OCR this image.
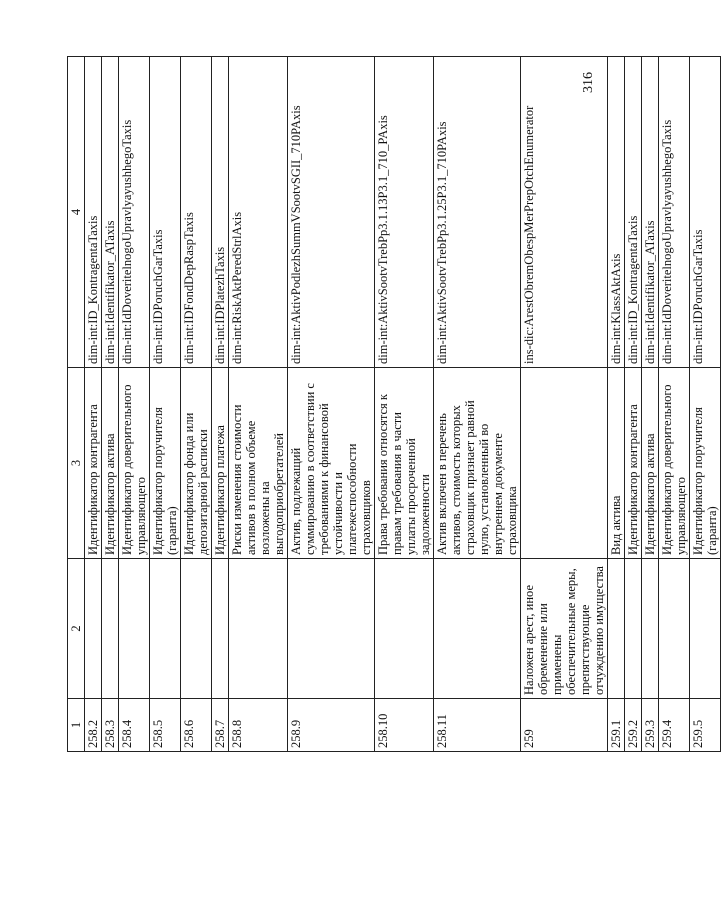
1	2	3	4
258.2		Идентификатор контрагента	dim-int:ID_KontragentaTaxis
258.3		Идентификатор актива	dim-int:Identifikator_ATaxis
258.4		Идентификатор доверительного управляющего	dim-int:IdDoveritelnogoUpravlyayushhegoTaxis
258.5		Идентификатор поручителя (гаранта)	dim-int:IDPoruchGarTaxis
258.6		Идентификатор фонда или депозитарной расписки	dim-int:IDFondDepRaspTaxis
258.7		Идентификатор платежа	dim-int:IDPlatezhTaxis
258.8		Риски изменения стоимости активов в полном объеме возложены на выгодоприобретателей	dim-int:RiskAktPeredStrlAxis
258.9		Актив, подлежащий суммированию в соответствии с требованиями к финансовой устойчивости и платежеспособности страховщиков	dim-int:AktivPodlezhSummVSootvSGII_710PAxis
258.10		Права требования относятся к правам требования в части уплаты просроченной задолженности	dim-int:AktivSootvTrebPp3.1.13P3.1_710_PAxis
258.11		Актив включен в перечень активов, стоимость которых страховщик признает равной нулю, установленный во внутреннем документе страховщика	dim-int:AktivSootvTrebPp3.1.25P3.1_710PAxis
259	Наложен арест, иное обременение или применены обеспечительные меры, препятствующие отчуждению имущества		ins-dic:ArestObremObespMerPrepOtchEnumerator
259.1		Вид актива	dim-int:KlassAktAxis
259.2		Идентификатор контрагента	dim-int:ID_KontragentaTaxis
259.3		Идентификатор актива	dim-int:Identifikator_ATaxis
259.4		Идентификатор доверительного управляющего	dim-int:IdDoveritelnogoUpravlyayushhegoTaxis
259.5		Идентификатор поручителя (гаранта)	dim-int:IDPoruchGarTaxis
316
